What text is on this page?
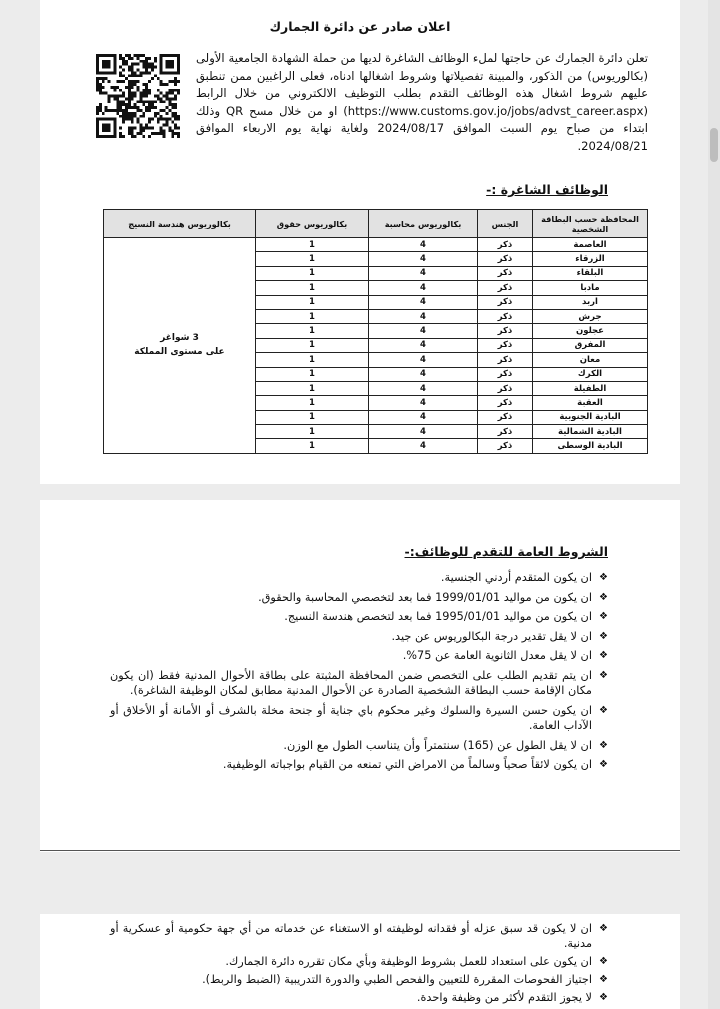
اعلان صادر عن دائرة الجمارك
تعلن دائرة الجمارك عن حاجتها لملء الوظائف الشاغرة لديها من حملة الشهادة الجامعية الأولى (بكالوريوس) من الذكور، والمبينة تفصيلاتها وشروط اشغالها ادناه، فعلى الراغبين ممن تنطبق عليهم شروط اشغال هذه الوظائف التقدم بطلب التوظيف الالكتروني من خلال الرابط (https://www.customs.gov.jo/jobs/advst_career.aspx) او من خلال مسح QR وذلك ابتداء من صباح يوم السبت الموافق 2024/08/17 ولغاية نهاية يوم الاربعاء الموافق 2024/08/21.
الوظائف الشاغرة :-
المحافظة حسب البطاقة الشخصية	الجنس	بكالوريوس محاسبة	بكالوريوس حقوق	بكالوريوس هندسة النسيج
العاصمة	ذكر	4	1	3 شواغر
على مستوى المملكة
الزرقاء	ذكر	4	1	
البلقاء	ذكر	4	1	
مادبا	ذكر	4	1	
اربد	ذكر	4	1	
جرش	ذكر	4	1	
عجلون	ذكر	4	1	
المفرق	ذكر	4	1	
معان	ذكر	4	1	
الكرك	ذكر	4	1	
الطفيلة	ذكر	4	1	
العقبة	ذكر	4	1	
البادية الجنوبية	ذكر	4	1	
البادية الشمالية	ذكر	4	1	
البادية الوسطى	ذكر	4	1	
الشروط العامة للتقدم للوظائف:-
❖
ان يكون المتقدم أردني الجنسية.
❖
ان يكون من مواليد 1999/01/01 فما بعد لتخصصي المحاسبة والحقوق.
❖
ان يكون من مواليد 1995/01/01 فما بعد لتخصص هندسة النسيج.
❖
ان لا يقل تقدير درجة البكالوريوس عن جيد.
❖
ان لا يقل معدل الثانوية العامة عن 75%.
❖
ان يتم تقديم الطلب على التخصص ضمن المحافظة المثبتة على بطاقة الأحوال المدنية فقط (ان يكون مكان الإقامة حسب البطاقة الشخصية الصادرة عن الأحوال المدنية مطابق لمكان الوظيفة الشاغرة).
❖
ان يكون حسن السيرة والسلوك وغير محكوم باي جناية أو جنحة مخلة بالشرف أو الأمانة أو الأخلاق أو الآداب العامة.
❖
ان لا يقل الطول عن (165) سنتمتراً وأن يتناسب الطول مع الوزن.
❖
ان يكون لائقاً صحياً وسالماً من الامراض التي تمنعه من القيام بواجباته الوظيفية.
❖
ان لا يكون قد سبق عزله أو فقدانه لوظيفته او الاستغناء عن خدماته من أي جهة حكومية أو عسكرية أو مدنية.
❖
ان يكون على استعداد للعمل بشروط الوظيفة وبأي مكان تقرره دائرة الجمارك.
❖
اجتياز الفحوصات المقررة للتعيين والفحص الطبي والدورة التدريبية (الضبط والربط).
❖
لا يجوز التقدم لأكثر من وظيفة واحدة.
